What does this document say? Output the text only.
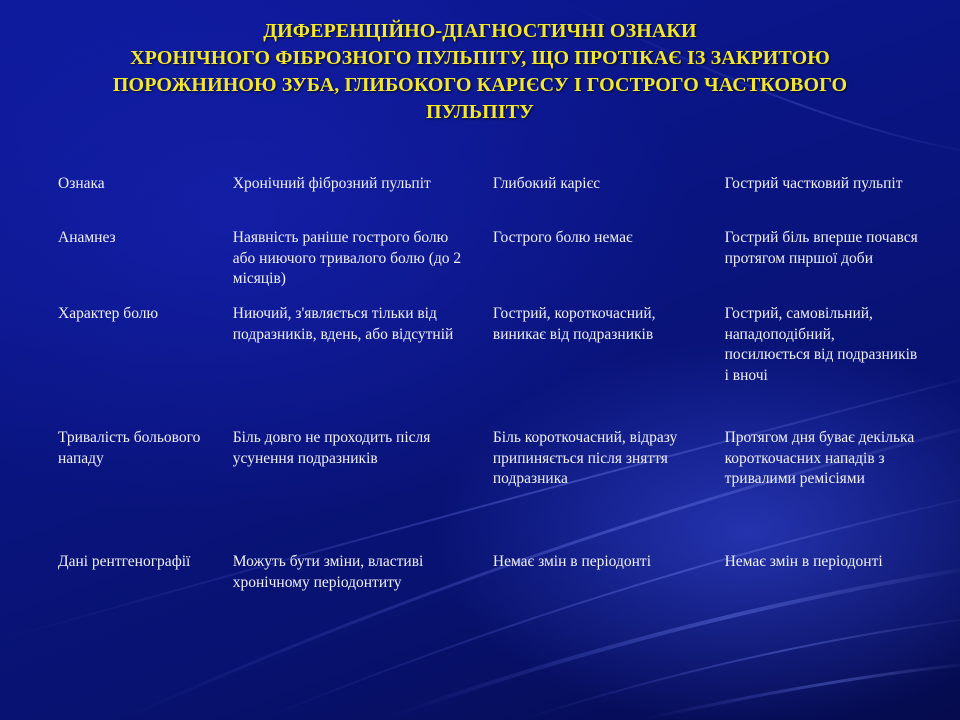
ДИФЕРЕНЦІЙНО-ДІАГНОСТИЧНІ ОЗНАКИ
ХРОНІЧНОГО ФІБРОЗНОГО ПУЛЬПІТУ, ЩО ПРОТІКАЄ ІЗ ЗАКРИТОЮ
ПОРОЖНИНОЮ ЗУБА, ГЛИБОКОГО КАРІЄСУ І ГОСТРОГО ЧАСТКОВОГО
ПУЛЬПІТУ
Ознака	Хронічний фіброзний пульпіт	Глибокий карієс	Гострий частковий пульпіт
Анамнез	Наявність раніше гострого болю або ниючого тривалого болю (до 2 місяців)	Гострого болю немає	Гострий біль вперше почався протягом пнршої доби
Характер болю	Ниючий, з'являється тільки від подразників, вдень, або відсутній	Гострий, короткочасний, виникає від подразників	Гострий, самовільний, нападоподібний, посилюється від подразників і вночі
Тривалість больового нападу	Біль довго не проходить після усунення подразників	Біль короткочасний, відразу припиняється після зняття подразника	Протягом дня буває декілька короткочасних нападів з тривалими ремісіями
Дані рентгенографії	Можуть бути зміни, властиві хронічному періодонтиту	Немає змін в періодонті	Немає змін в періодонті
